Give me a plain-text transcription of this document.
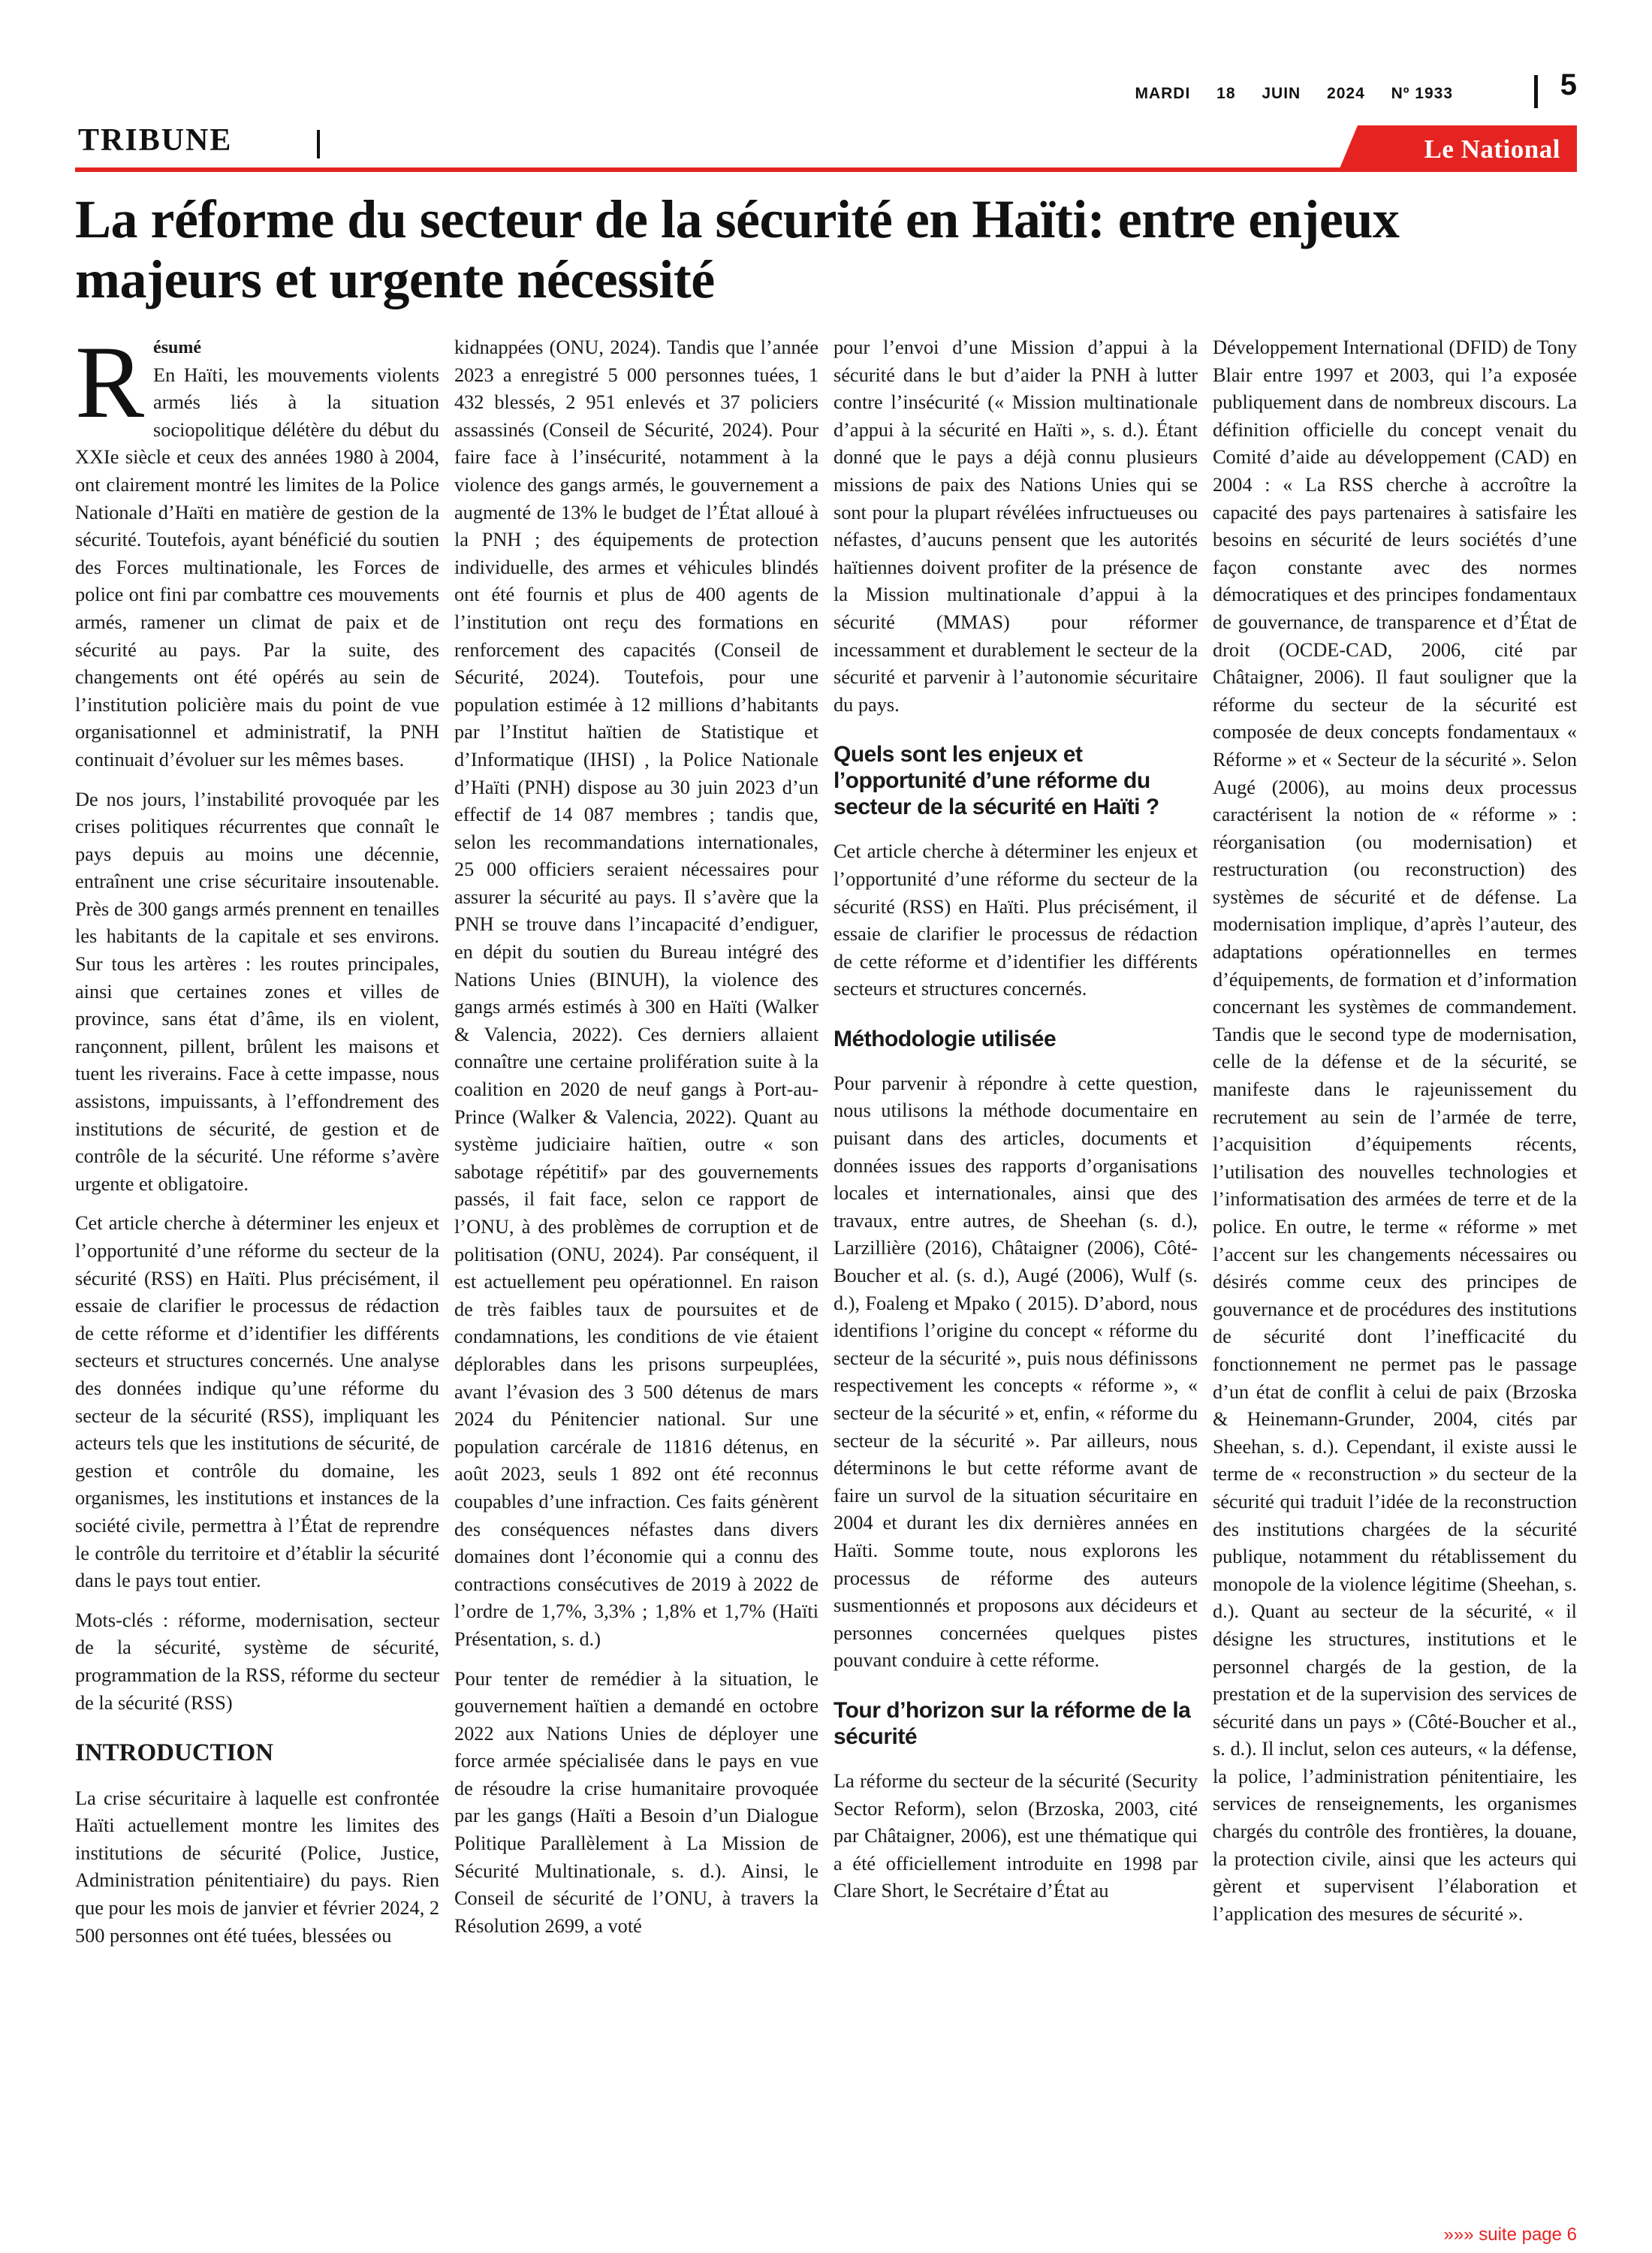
MARDI 18 JUIN 2024 Nº 1933	5
TRIBUNE	Le National
La réforme du secteur de la sécurité en Haïti: entre enjeux majeurs et urgente nécessité
R ésumé

En Haïti, les mouvements violents armés liés à la situation sociopolitique délétère du début du XXIe siècle et ceux des années 1980 à 2004, ont clairement montré les limites de la Police Nationale d’Haïti en matière de gestion de la sécurité. Toutefois, ayant bénéficié du soutien des Forces multinationale, les Forces de police ont fini par combattre ces mouvements armés, ramener un climat de paix et de sécurité au pays. Par la suite, des changements ont été opérés au sein de l’institution policière mais du point de vue organisationnel et administratif, la PNH continuait d’évoluer sur les mêmes bases.

De nos jours, l’instabilité provoquée par les crises politiques récurrentes que connaît le pays depuis au moins une décennie, entraînent une crise sécuritaire insoutenable. Près de 300 gangs armés prennent en tenailles les habitants de la capitale et ses environs. Sur tous les artères : les routes principales, ainsi que certaines zones et villes de province, sans état d’âme, ils en violent, rançonnent, pillent, brûlent les maisons et tuent les riverains. Face à cette impasse, nous assistons, impuissants, à l’effondrement des institutions de sécurité, de gestion et de contrôle de la sécurité. Une réforme s’avère urgente et obligatoire.

Cet article cherche à déterminer les enjeux et l’opportunité d’une réforme du secteur de la sécurité (RSS) en Haïti. Plus précisément, il essaie de clarifier le processus de rédaction de cette réforme et d’identifier les différents secteurs et structures concernés. Une analyse des données indique qu’une réforme du secteur de la sécurité (RSS), impliquant les acteurs tels que les institutions de sécurité, de gestion et contrôle du domaine, les organismes, les institutions et instances de la société civile, permettra à l’État de reprendre le contrôle du territoire et d’établir la sécurité dans le pays tout entier.

Mots-clés : réforme, modernisation, secteur de la sécurité, système de sécurité, programmation de la RSS, réforme du secteur de la sécurité (RSS)

INTRODUCTION

La crise sécuritaire à laquelle est confrontée Haïti actuellement montre les limites des institutions de sécurité (Police, Justice, Administration pénitentiaire) du pays. Rien que pour les mois de janvier et février 2024, 2 500 personnes ont été tuées, blessées ou

kidnappées (ONU, 2024). Tandis que l’année 2023 a enregistré 5 000 personnes tuées, 1 432 blessés, 2 951 enlevés et 37 policiers assassinés (Conseil de Sécurité, 2024). Pour faire face à l’insécurité, notamment à la violence des gangs armés, le gouvernement a augmenté de 13% le budget de l’État alloué à la PNH ; des équipements de protection individuelle, des armes et véhicules blindés ont été fournis et plus de 400 agents de l’institution ont reçu des formations en renforcement des capacités (Conseil de Sécurité, 2024). Toutefois, pour une population estimée à 12 millions d’habitants par l’Institut haïtien de Statistique et d’Informatique (IHSI) , la Police Nationale d’Haïti (PNH) dispose au 30 juin 2023 d’un effectif de 14 087 membres ; tandis que, selon les recommandations internationales, 25 000 officiers seraient nécessaires pour assurer la sécurité au pays. Il s’avère que la PNH se trouve dans l’incapacité d’endiguer, en dépit du soutien du Bureau intégré des Nations Unies (BINUH), la violence des gangs armés estimés à 300 en Haïti (Walker & Valencia, 2022). Ces derniers allaient connaître une certaine prolifération suite à la coalition en 2020 de neuf gangs à Port-au-Prince (Walker & Valencia, 2022). Quant au système judiciaire haïtien, outre « son sabotage répétitif» par des gouvernements passés, il fait face, selon ce rapport de l’ONU, à des problèmes de corruption et de politisation (ONU, 2024). Par conséquent, il est actuellement peu opérationnel. En raison de très faibles taux de poursuites et de condamnations, les conditions de vie étaient déplorables dans les prisons surpeuplées, avant l’évasion des 3 500 détenus de mars 2024 du Pénitencier national. Sur une population carcérale de 11816 détenus, en août 2023, seuls 1 892 ont été reconnus coupables d’une infraction. Ces faits génèrent des conséquences néfastes dans divers domaines dont l’économie qui a connu des contractions consécutives de 2019 à 2022 de l’ordre de 1,7%, 3,3% ; 1,8% et 1,7% (Haïti Présentation, s. d.)

Pour tenter de remédier à la situation, le gouvernement haïtien a demandé en octobre 2022 aux Nations Unies de déployer une force armée spécialisée dans le pays en vue de résoudre la crise humanitaire provoquée par les gangs (Haïti a Besoin d’un Dialogue Politique Parallèlement à La Mission de Sécurité Multinationale, s. d.). Ainsi, le Conseil de sécurité de l’ONU, à travers la Résolution 2699, a voté

pour l’envoi d’une Mission d’appui à la sécurité dans le but d’aider la PNH à lutter contre l’insécurité (« Mission multinationale d’appui à la sécurité en Haïti », s. d.). Étant donné que le pays a déjà connu plusieurs missions de paix des Nations Unies qui se sont pour la plupart révélées infructueuses ou néfastes, d’aucuns pensent que les autorités haïtiennes doivent profiter de la présence de la Mission multinationale d’appui à la sécurité (MMAS) pour réformer incessamment et durablement le secteur de la sécurité et parvenir à l’autonomie sécuritaire du pays.

Quels sont les enjeux et l’opportunité d’une réforme du secteur de la sécurité en Haïti ?

Cet article cherche à déterminer les enjeux et l’opportunité d’une réforme du secteur de la sécurité (RSS) en Haïti. Plus précisément, il essaie de clarifier le processus de rédaction de cette réforme et d’identifier les différents secteurs et structures concernés.

Méthodologie utilisée

Pour parvenir à répondre à cette question, nous utilisons la méthode documentaire en puisant dans des articles, documents et données issues des rapports d’organisations locales et internationales, ainsi que des travaux, entre autres, de Sheehan (s. d.), Larzillière (2016), Châtaigner (2006), Côté-Boucher et al. (s. d.), Augé (2006), Wulf (s. d.), Foaleng et Mpako ( 2015). D’abord, nous identifions l’origine du concept « réforme du secteur de la sécurité », puis nous définissons respectivement les concepts « réforme », « secteur de la sécurité » et, enfin, « réforme du secteur de la sécurité ». Par ailleurs, nous déterminons le but cette réforme avant de faire un survol de la situation sécuritaire en 2004 et durant les dix dernières années en Haïti. Somme toute, nous explorons les processus de réforme des auteurs susmentionnés et proposons aux décideurs et personnes concernées quelques pistes pouvant conduire à cette réforme.

Tour d’horizon sur la réforme de la sécurité

La réforme du secteur de la sécurité (Security Sector Reform), selon (Brzoska, 2003, cité par Châtaigner, 2006), est une thématique qui a été officiellement introduite en 1998 par Clare Short, le Secrétaire d’État au

Développement International (DFID) de Tony Blair entre 1997 et 2003, qui l’a exposée publiquement dans de nombreux discours. La définition officielle du concept venait du Comité d’aide au développement (CAD) en 2004 : « La RSS cherche à accroître la capacité des pays partenaires à satisfaire les besoins en sécurité de leurs sociétés d’une façon constante avec des normes démocratiques et des principes fondamentaux de gouvernance, de transparence et d’État de droit (OCDE-CAD, 2006, cité par Châtaigner, 2006). Il faut souligner que la réforme du secteur de la sécurité est composée de deux concepts fondamentaux « Réforme » et « Secteur de la sécurité ». Selon Augé (2006), au moins deux processus caractérisent la notion de « réforme » : réorganisation (ou modernisation) et restructuration (ou reconstruction) des systèmes de sécurité et de défense. La modernisation implique, d’après l’auteur, des adaptations opérationnelles en termes d’équipements, de formation et d’information concernant les systèmes de commandement. Tandis que le second type de modernisation, celle de la défense et de la sécurité, se manifeste dans le rajeunissement du recrutement au sein de l’armée de terre, l’acquisition d’équipements récents, l’utilisation des nouvelles technologies et l’informatisation des armées de terre et de la police. En outre, le terme « réforme » met l’accent sur les changements nécessaires ou désirés comme ceux des principes de gouvernance et de procédures des institutions de sécurité dont l’inefficacité du fonctionnement ne permet pas le passage d’un état de conflit à celui de paix (Brzoska & Heinemann-Grunder, 2004, cités par Sheehan, s. d.). Cependant, il existe aussi le terme de « reconstruction » du secteur de la sécurité qui traduit l’idée de la reconstruction des institutions chargées de la sécurité publique, notamment du rétablissement du monopole de la violence légitime (Sheehan, s. d.). Quant au secteur de la sécurité, « il désigne les structures, institutions et le personnel chargés de la gestion, de la prestation et de la supervision des services de sécurité dans un pays » (Côté-Boucher et al., s. d.). Il inclut, selon ces auteurs, « la défense, la police, l’administration pénitentiaire, les services de renseignements, les organismes chargés du contrôle des frontières, la douane, la protection civile, ainsi que les acteurs qui gèrent et supervisent l’élaboration et l’application des mesures de sécurité ».

»»» suite page 6
